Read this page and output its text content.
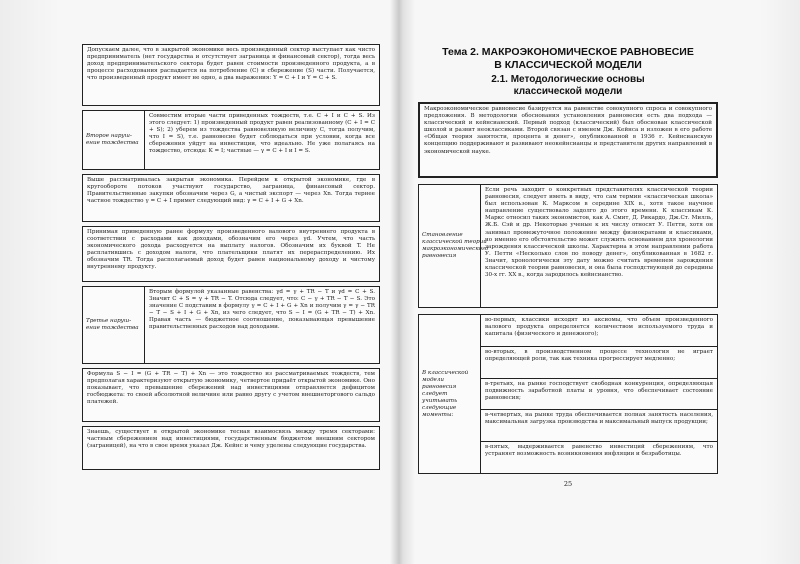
Допускаем далее, что в закрытой экономике весь произведенный сектор выступает как чисто предприниматель (нет государства и отсутствует заграница и финансовый сектор), тогда весь доход предпринимательского сектора будет равен стоимости произведенного продукта, а в процессе расходования распадается на потребление (C) и сбережение (S) части. Получается, что произведенный продукт имеет не одно, а два выражения: Y = C + I и Y = C + S.
Второе наруш-ение тождества
Совместим вторые части приведенных тождеств, т.е. C + I и C + S. Из этого следует: 1) произведенный продукт равен реализованному (C + I = C + S); 2) уберем из тождества равновеликую величину C, тогда получим, что I = S), т.е. равновесие будет соблюдаться при условии, когда все сбережения уйдут на инвестиции, что идеально. Не уже полагаясь на тождество, отсюда: K = I; частные — γ = C + I и I = S.
Выше рассматривалась закрытая экономика. Перейдем к открытой экономике, где в кругообороте потоков участвуют государство, заграница, финансовый сектор. Правительственные закупки обозначим через G, а чистый экспорт — через Xn. Тогда тернее частное тождество γ = C + I примет следующий вид: γ = C + I + G + Xn.
Принимая приведенную ранее формулу произведенного валового внутреннего продукта в соответствии с расходами как доходами, обозначим его через γd. Учтем, что часть экономического дохода расходуется на выплату налогов. Обозначим их буквой T. Не расплатившись с доходом налоги, что плательщики платят их перераспределению. Их обозначим TR. Тогда располагаемый доход будет равен национальному доходу и чистому внутреннему продукту.
Третье наруш-ение тождества
Вторым формулой указанные равенства: γd = γ + TR − T и γd = C + S. Значит C + S = γ + TR − T. Отсюда следует, что: C − γ + TR − T − S. Это значение C подставим в формулу γ = C + I + G + Xn и получим γ = γ − TR − T − S + I + G + Xn, из чего следует, что S − I = (G + TR − T) + Xn. Правая часть — бюджетное соотношение, показывающая превышение правительственных расходов над доходами.
Формула S − I = (G + TR − T) + Xn — это тождество из рассматриваемых тождеств, тем предполагая характеризуют открытую экономику, четвертое придаёт открытой экономике. Оно показывает, что превышение сбережений над инвестициями отправляется дефицитом госбюджета: то своей абсолютной величине или равно другу с учетом внешнеторгового сальдо платежей.
Знаешь, существует в открытой экономике тесная взаимосвязь между тремя секторами: частным сбережением над инвестициями, государственным бюджетом внешним сектором (заграницей), на что в свое время указал Дж. Кейнс и чему уделены следующие государства.
Тема 2. МАКРОЭКОНОМИЧЕСКОЕ РАВНОВЕСИЕ
В КЛАССИЧЕСКОЙ МОДЕЛИ
2.1. Методологические основы
классической модели
Макроэкономическое равновесие базируется на равенстве совокупного спроса и совокупного предложения. В методологии обоснования установления равновесия есть два подхода — классический и кейнсианский. Первый подход (классический) был обоснован классической школой и развит неоклассиками. Второй связан с именем Дж. Кейнса и изложен в его работе «Общая теория занятости, процента и денег», опубликованной в 1936 г. Кейнсианскую концепцию поддерживают и развивают неокейнсианцы и представители других направлений в экономической науке.
Становление классической теории макроэкономического равновесия
Если речь заходит о конкретных представителях классической теории равновесия, следует иметь в виду, что сам термин «классическая школа» был использован К. Марксом в середине XIX в., хотя такое научное направление существовало задолго до этого времени. К классикам К. Маркс относил таких экономистов, как А. Смит, Д. Рикардо, Дж.Ст. Милль, Ж.Б. Сэй и др. Некоторые ученые к их числу относят У. Петти, хотя он занимал промежуточное положение между физиократами и классиками, но именно его обстоятельство может служить основанием для хронологии зарождения классической школы. Характерна в этом направлении работа У. Петти «Несколько слов по поводу денег», опубликованная в 1682 г. Значит, хронологически эту дату можно считать временем зарождения классической теории равновесия, и она была господствующей до середины 30-х гг. XX в., когда зародилось кейнсианство.
В классической модели равновесия следует учитывать следующие моменты:
во-первых, классики исходят из аксиомы, что объем произведенного валового продукта определяется количеством используемого труда и капитала (физического и денежного);
во-вторых, в производственном процессе технология не играет определяющей роли, так как техника прогрессирует медленно;
в-третьих, на рынке господствует свободная конкуренция, определяющая подвижность заработной платы и уровня, что обеспечивает состояние равновесия;
в-четвертых, на рынке труда обеспечивается полная занятость населения, максимальная загрузка производства и максимальный выпуск продукции;
в-пятых, выдерживается равенство инвестиций сбережениям, что устраняет возможность возникновения инфляции и безработицы.
25
